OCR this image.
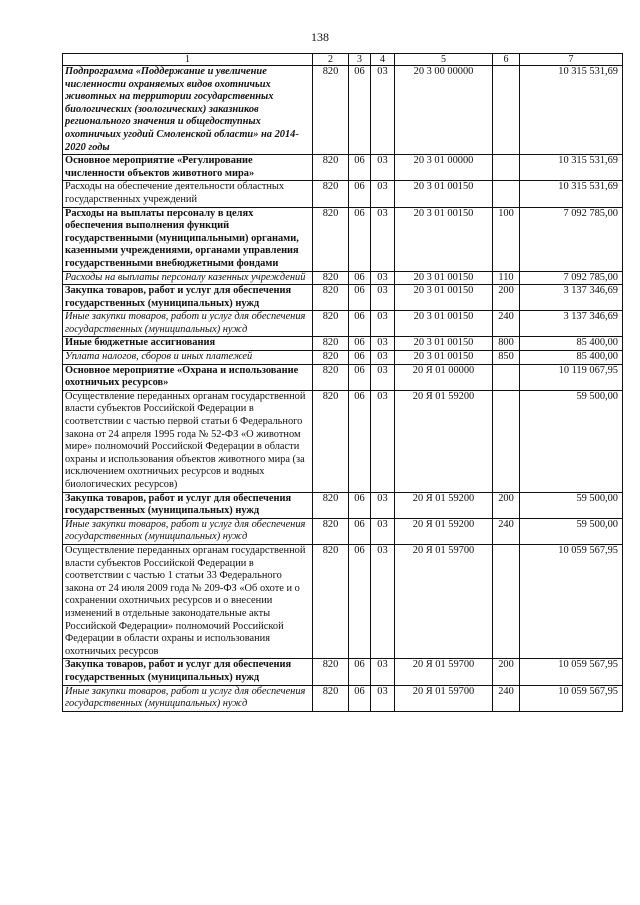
138
1	2	3	4	5	6	7
Подпрограмма «Поддержание и увеличение численности охраняемых видов охотничьих животных на территории государственных биологических (зоологических) заказников регионального значения и общедоступных охотничьих угодий Смоленской области» на 2014-2020 годы	820	06	03	20 3 00 00000		10 315 531,69
Основное мероприятие «Регулирование численности объектов животного мира»	820	06	03	20 3 01 00000		10 315 531,69
Расходы на обеспечение деятельности областных государственных учреждений	820	06	03	20 3 01 00150		10 315 531,69
Расходы на выплаты персоналу в целях обеспечения выполнения функций государственными (муниципальными) органами, казенными учреждениями, органами управления государственными внебюджетными фондами	820	06	03	20 3 01 00150	100	7 092 785,00
Расходы на выплаты персоналу казенных учреждений	820	06	03	20 3 01 00150	110	7 092 785,00
Закупка товаров, работ и услуг для обеспечения государственных (муниципальных) нужд	820	06	03	20 3 01 00150	200	3 137 346,69
Иные закупки товаров, работ и услуг для обеспечения государственных (муниципальных) нужд	820	06	03	20 3 01 00150	240	3 137 346,69
Иные бюджетные ассигнования	820	06	03	20 3 01 00150	800	85 400,00
Уплата налогов, сборов и иных платежей	820	06	03	20 3 01 00150	850	85 400,00
Основное мероприятие «Охрана и использование охотничьих ресурсов»	820	06	03	20 Я 01 00000		10 119 067,95
Осуществление переданных органам государственной власти субъектов Российской Федерации в соответствии с частью первой статьи 6 Федерального закона от 24 апреля 1995 года № 52-ФЗ «О животном мире» полномочий Российской Федерации в области охраны и использования объектов животного мира (за исключением охотничьих ресурсов и водных биологических ресурсов)	820	06	03	20 Я 01 59200		59 500,00
Закупка товаров, работ и услуг для обеспечения государственных (муниципальных) нужд	820	06	03	20 Я 01 59200	200	59 500,00
Иные закупки товаров, работ и услуг для обеспечения государственных (муниципальных) нужд	820	06	03	20 Я 01 59200	240	59 500,00
Осуществление переданных органам государственной власти субъектов Российской Федерации в соответствии с частью 1 статьи 33 Федерального закона от 24 июля 2009 года № 209-ФЗ «Об охоте и о сохранении охотничьих ресурсов и о внесении изменений в отдельные законодательные акты Российской Федерации» полномочий Российской Федерации в области охраны и использования охотничьих ресурсов	820	06	03	20 Я 01 59700		10 059 567,95
Закупка товаров, работ и услуг для обеспечения государственных (муниципальных) нужд	820	06	03	20 Я 01 59700	200	10 059 567,95
Иные закупки товаров, работ и услуг для обеспечения государственных (муниципальных) нужд	820	06	03	20 Я 01 59700	240	10 059 567,95
